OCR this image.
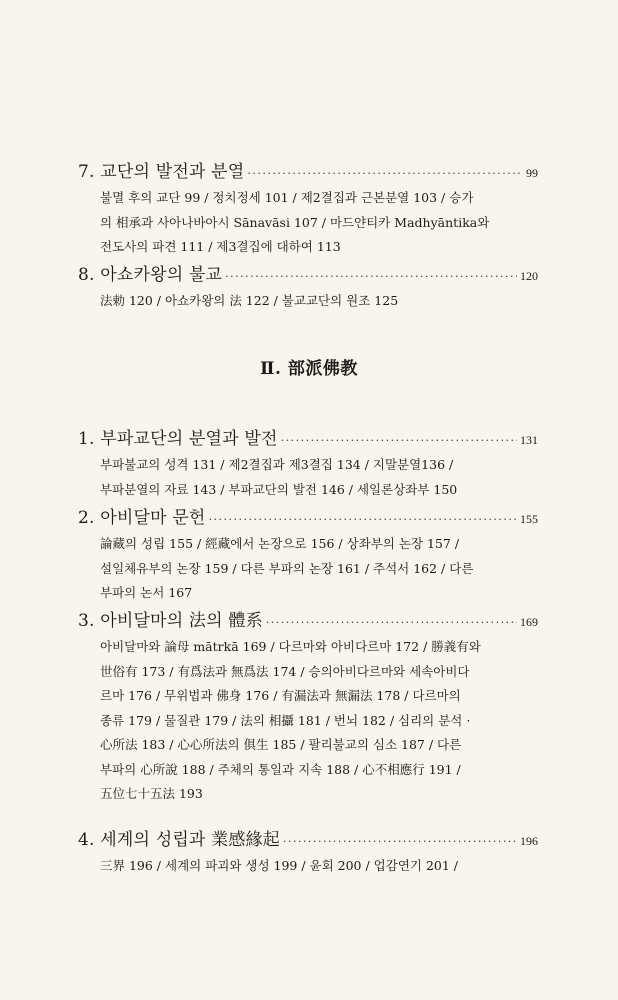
7. 교단의 발전과 분열 ·····	99
불멸 후의 교단 99 / 정치정세 101 / 제2결집과 근본분열 103 / 승가
의 相承과 사아나바아시 Sānavāsi 107 / 마드얀티카 Madhyāntika와
전도사의 파견 111 / 제3결집에 대하여 113
8. 아쇼카왕의 불교 ·····	120
法勅 120 / 아쇼카왕의 法 122 / 불교교단의 원조 125
Ⅱ. 部派佛教
1. 부파교단의 분열과 발전 ·····	131
부파불교의 성격 131 / 제2결집과 제3결집 134 / 지말분열136 /
부파분열의 자료 143 / 부파교단의 발전 146 / 세일론상좌부 150
2. 아비달마 문헌 ·····	155
論藏의 성립 155 / 經藏에서 논장으로 156 / 상좌부의 논장 157 /
설일체유부의 논장 159 / 다른 부파의 논장 161 / 주석서 162 / 다른
부파의 논서 167
3. 아비달마의 法의 體系 ·····	169
아비달마와 論母 mātrkā 169 / 다르마와 아비다르마 172 / 勝義有와
世俗有 173 / 有爲法과 無爲法 174 / 승의아비다르마와 세속아비다
르마 176 / 무위법과 佛身 176 / 有漏法과 無漏法 178 / 다르마의
종류 179 / 물질관 179 / 法의 相攝 181 / 번뇌 182 / 심리의 분석 ·
心所法 183 / 心心所法의 俱生 185 / 팔리불교의 심소 187 / 다른
부파의 心所說 188 / 주체의 통일과 지속 188 / 心不相應行 191 /
五位七十五法 193
4. 세계의 성립과 業感緣起 ·····	196
三界 196 / 세계의 파괴와 생성 199 / 윤회 200 / 업감연기 201 /
